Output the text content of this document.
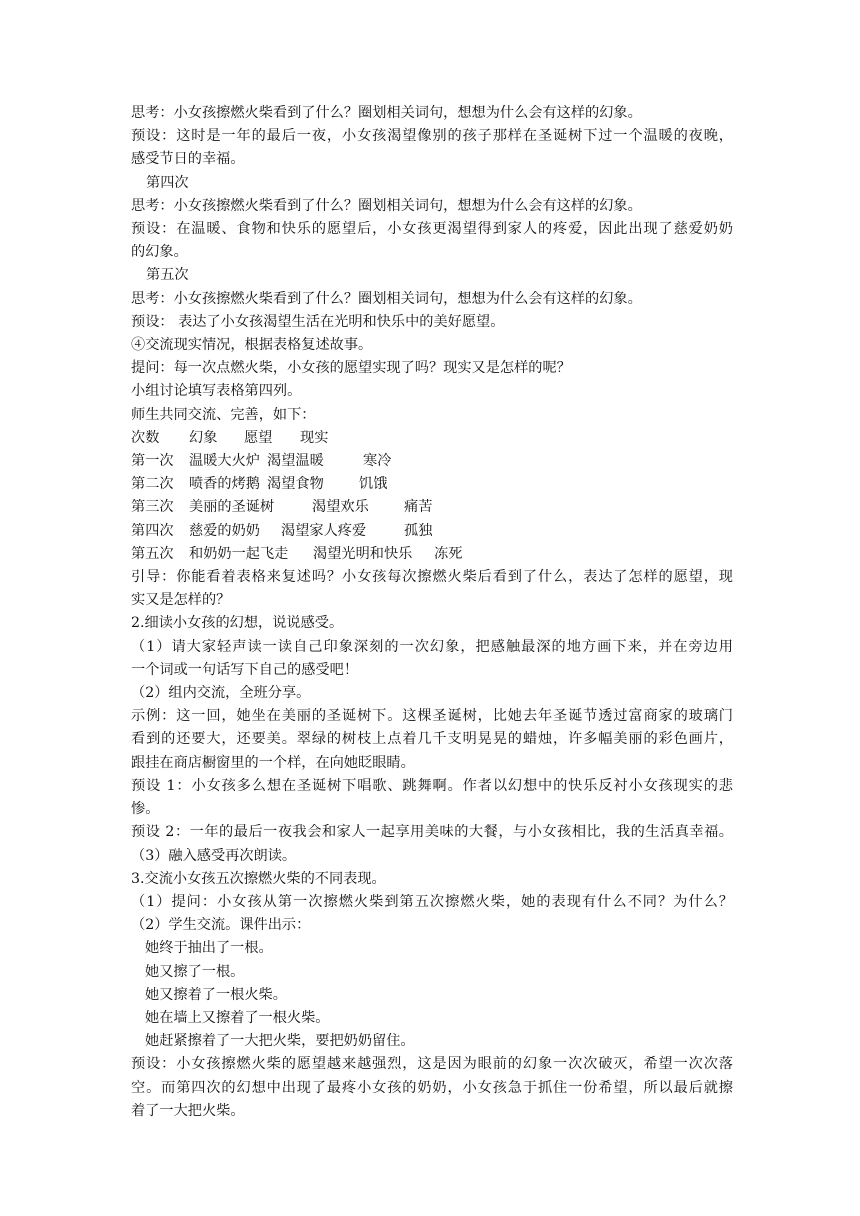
思考：小女孩擦燃火柴看到了什么？圈划相关词句，想想为什么会有这样的幻象。
预设：这时是一年的最后一夜，小女孩渴望像别的孩子那样在圣诞树下过一个温暖的夜晚，
感受节日的幸福。
第四次
思考：小女孩擦燃火柴看到了什么？圈划相关词句，想想为什么会有这样的幻象。
预设：在温暖、食物和快乐的愿望后，小女孩更渴望得到家人的疼爱，因此出现了慈爱奶奶
的幻象。
第五次
思考：小女孩擦燃火柴看到了什么？圈划相关词句，想想为什么会有这样的幻象。
预设： 表达了小女孩渴望生活在光明和快乐中的美好愿望。
④交流现实情况，根据表格复述故事。
提问：每一次点燃火柴，小女孩的愿望实现了吗？现实又是怎样的呢？
小组讨论填写表格第四列。
师生共同交流、完善，如下：
次数 幻象 愿望 现实
第一次 温暖大火炉 渴望温暖	寒冷
第二次 喷香的烤鹅 渴望食物 饥饿
第三次 美丽的圣诞树	渴望欢乐 痛苦
第四次 慈爱的奶奶 渴望家人疼爱	孤独
第五次 和奶奶一起飞走 渴望光明和快乐 冻死
引导：你能看着表格来复述吗？小女孩每次擦燃火柴后看到了什么，表达了怎样的愿望，现
实又是怎样的？
2.细读小女孩的幻想，说说感受。
（1）请大家轻声读一读自己印象深刻的一次幻象，把感触最深的地方画下来，并在旁边用
一个词或一句话写下自己的感受吧！
（2）组内交流，全班分享。
示例：这一回，她坐在美丽的圣诞树下。这棵圣诞树，比她去年圣诞节透过富商家的玻璃门
看到的还要大，还要美。翠绿的树枝上点着几千支明晃晃的蜡烛，许多幅美丽的彩色画片，
跟挂在商店橱窗里的一个样，在向她眨眼睛。
预设 1：小女孩多么想在圣诞树下唱歌、跳舞啊。作者以幻想中的快乐反衬小女孩现实的悲
惨。
预设 2：一年的最后一夜我会和家人一起享用美味的大餐，与小女孩相比，我的生活真幸福。
（3）融入感受再次朗读。
3.交流小女孩五次擦燃火柴的不同表现。
（1）提问：小女孩从第一次擦燃火柴到第五次擦燃火柴，她的表现有什么不同？为什么？
（2）学生交流。课件出示：
她终于抽出了一根。
她又擦了一根。
她又擦着了一根火柴。
她在墙上又擦着了一根火柴。
她赶紧擦着了一大把火柴，要把奶奶留住。
预设：小女孩擦燃火柴的愿望越来越强烈，这是因为眼前的幻象一次次破灭，希望一次次落
空。而第四次的幻想中出现了最疼小女孩的奶奶，小女孩急于抓住一份希望，所以最后就擦
着了一大把火柴。
